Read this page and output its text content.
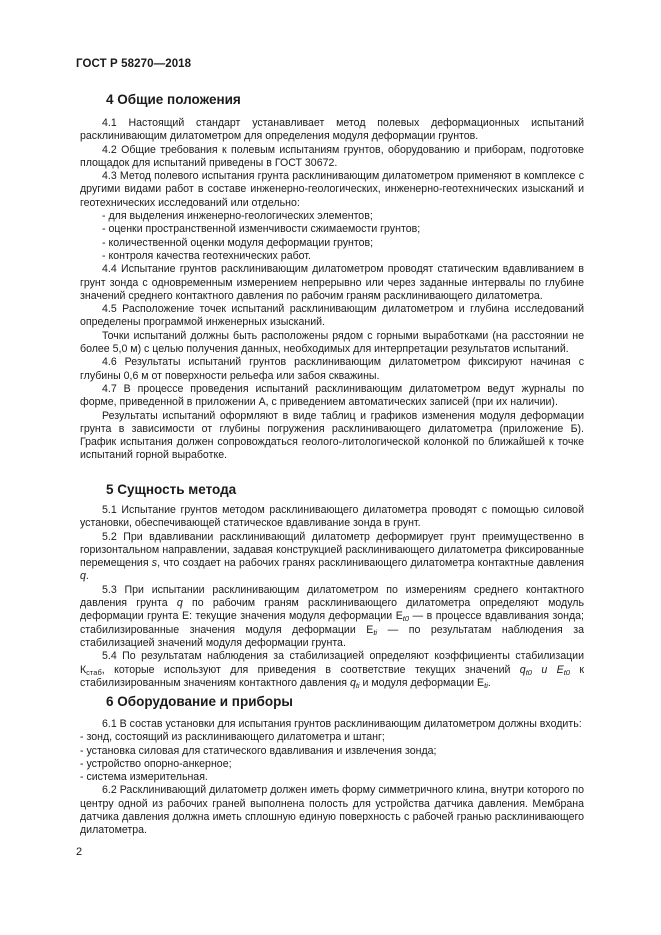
ГОСТ Р 58270—2018
4 Общие положения

4.1 Настоящий стандарт устанавливает метод полевых деформационных испытаний расклинивающим дилатометром для определения модуля деформации грунтов.

4.2 Общие требования к полевым испытаниям грунтов, оборудованию и приборам, подготовке площадок для испытаний приведены в ГОСТ 30672.

4.3 Метод полевого испытания грунта расклинивающим дилатометром применяют в комплексе с другими видами работ в составе инженерно-геологических, инженерно-геотехнических изысканий и геотехнических исследований или отдельно:

- для выделения инженерно-геологических элементов;

- оценки пространственной изменчивости сжимаемости грунтов;

- количественной оценки модуля деформации грунтов;

- контроля качества геотехнических работ.

4.4 Испытание грунтов расклинивающим дилатометром проводят статическим вдавливанием в грунт зонда с одновременным измерением непрерывно или через заданные интервалы по глубине значений среднего контактного давления по рабочим граням расклинивающего дилатометра.

4.5 Расположение точек испытаний расклинивающим дилатометром и глубина исследований определены программой инженерных изысканий.

Точки испытаний должны быть расположены рядом с горными выработками (на расстоянии не более 5,0 м) с целью получения данных, необходимых для интерпретации результатов испытаний.

4.6 Результаты испытаний грунтов расклинивающим дилатометром фиксируют начиная с глубины 0,6 м от поверхности рельефа или забоя скважины.

4.7 В процессе проведения испытаний расклинивающим дилатометром ведут журналы по форме, приведенной в приложении А, с приведением автоматических записей (при их наличии).

Результаты испытаний оформляют в виде таблиц и графиков изменения модуля деформации грунта в зависимости от глубины погружения расклинивающего дилатометра (приложение Б). График испытания должен сопровождаться геолого-литологической колонкой по ближайшей к точке испытаний горной выработке.

5 Сущность метода

5.1 Испытание грунтов методом расклинивающего дилатометра проводят с помощью силовой установки, обеспечивающей статическое вдавливание зонда в грунт.

5.2 При вдавливании расклинивающий дилатометр деформирует грунт преимущественно в горизонтальном направлении, задавая конструкцией расклинивающего дилатометра фиксированные перемещения s, что создает на рабочих гранях расклинивающего дилатометра контактные давления q.

5.3 При испытании расклинивающим дилатометром по измерениям среднего контактного давления грунта q по рабочим граням расклинивающего дилатометра определяют модуль деформации грунта E: текущие значения модуля деформации $E_{t0}$ — в процессе вдавливания зонда; стабилизированные значения модуля деформации $E_{ti}$ — по результатам наблюдения за стабилизацией значений модуля деформации грунта.

5.4 По результатам наблюдения за стабилизацией определяют коэффициенты стабилизации $К_{стаб}$, которые используют для приведения в соответствие текущих значений $q_{t0}$ и $E_{t0}$ к стабилизированным значениям контактного давления $q_{ti}$ и модуля деформации $E_{ti}$.

6 Оборудование и приборы

6.1 В состав установки для испытания грунтов расклинивающим дилатометром должны входить:

- зонд, состоящий из расклинивающего дилатометра и штанг;

- установка силовая для статического вдавливания и извлечения зонда;

- устройство опорно-анкерное;

- система измерительная.

6.2 Расклинивающий дилатометр должен иметь форму симметричного клина, внутри которого по центру одной из рабочих граней выполнена полость для устройства датчика давления. Мембрана датчика давления должна иметь сплошную единую поверхность с рабочей гранью расклинивающего дилатометра.

2
